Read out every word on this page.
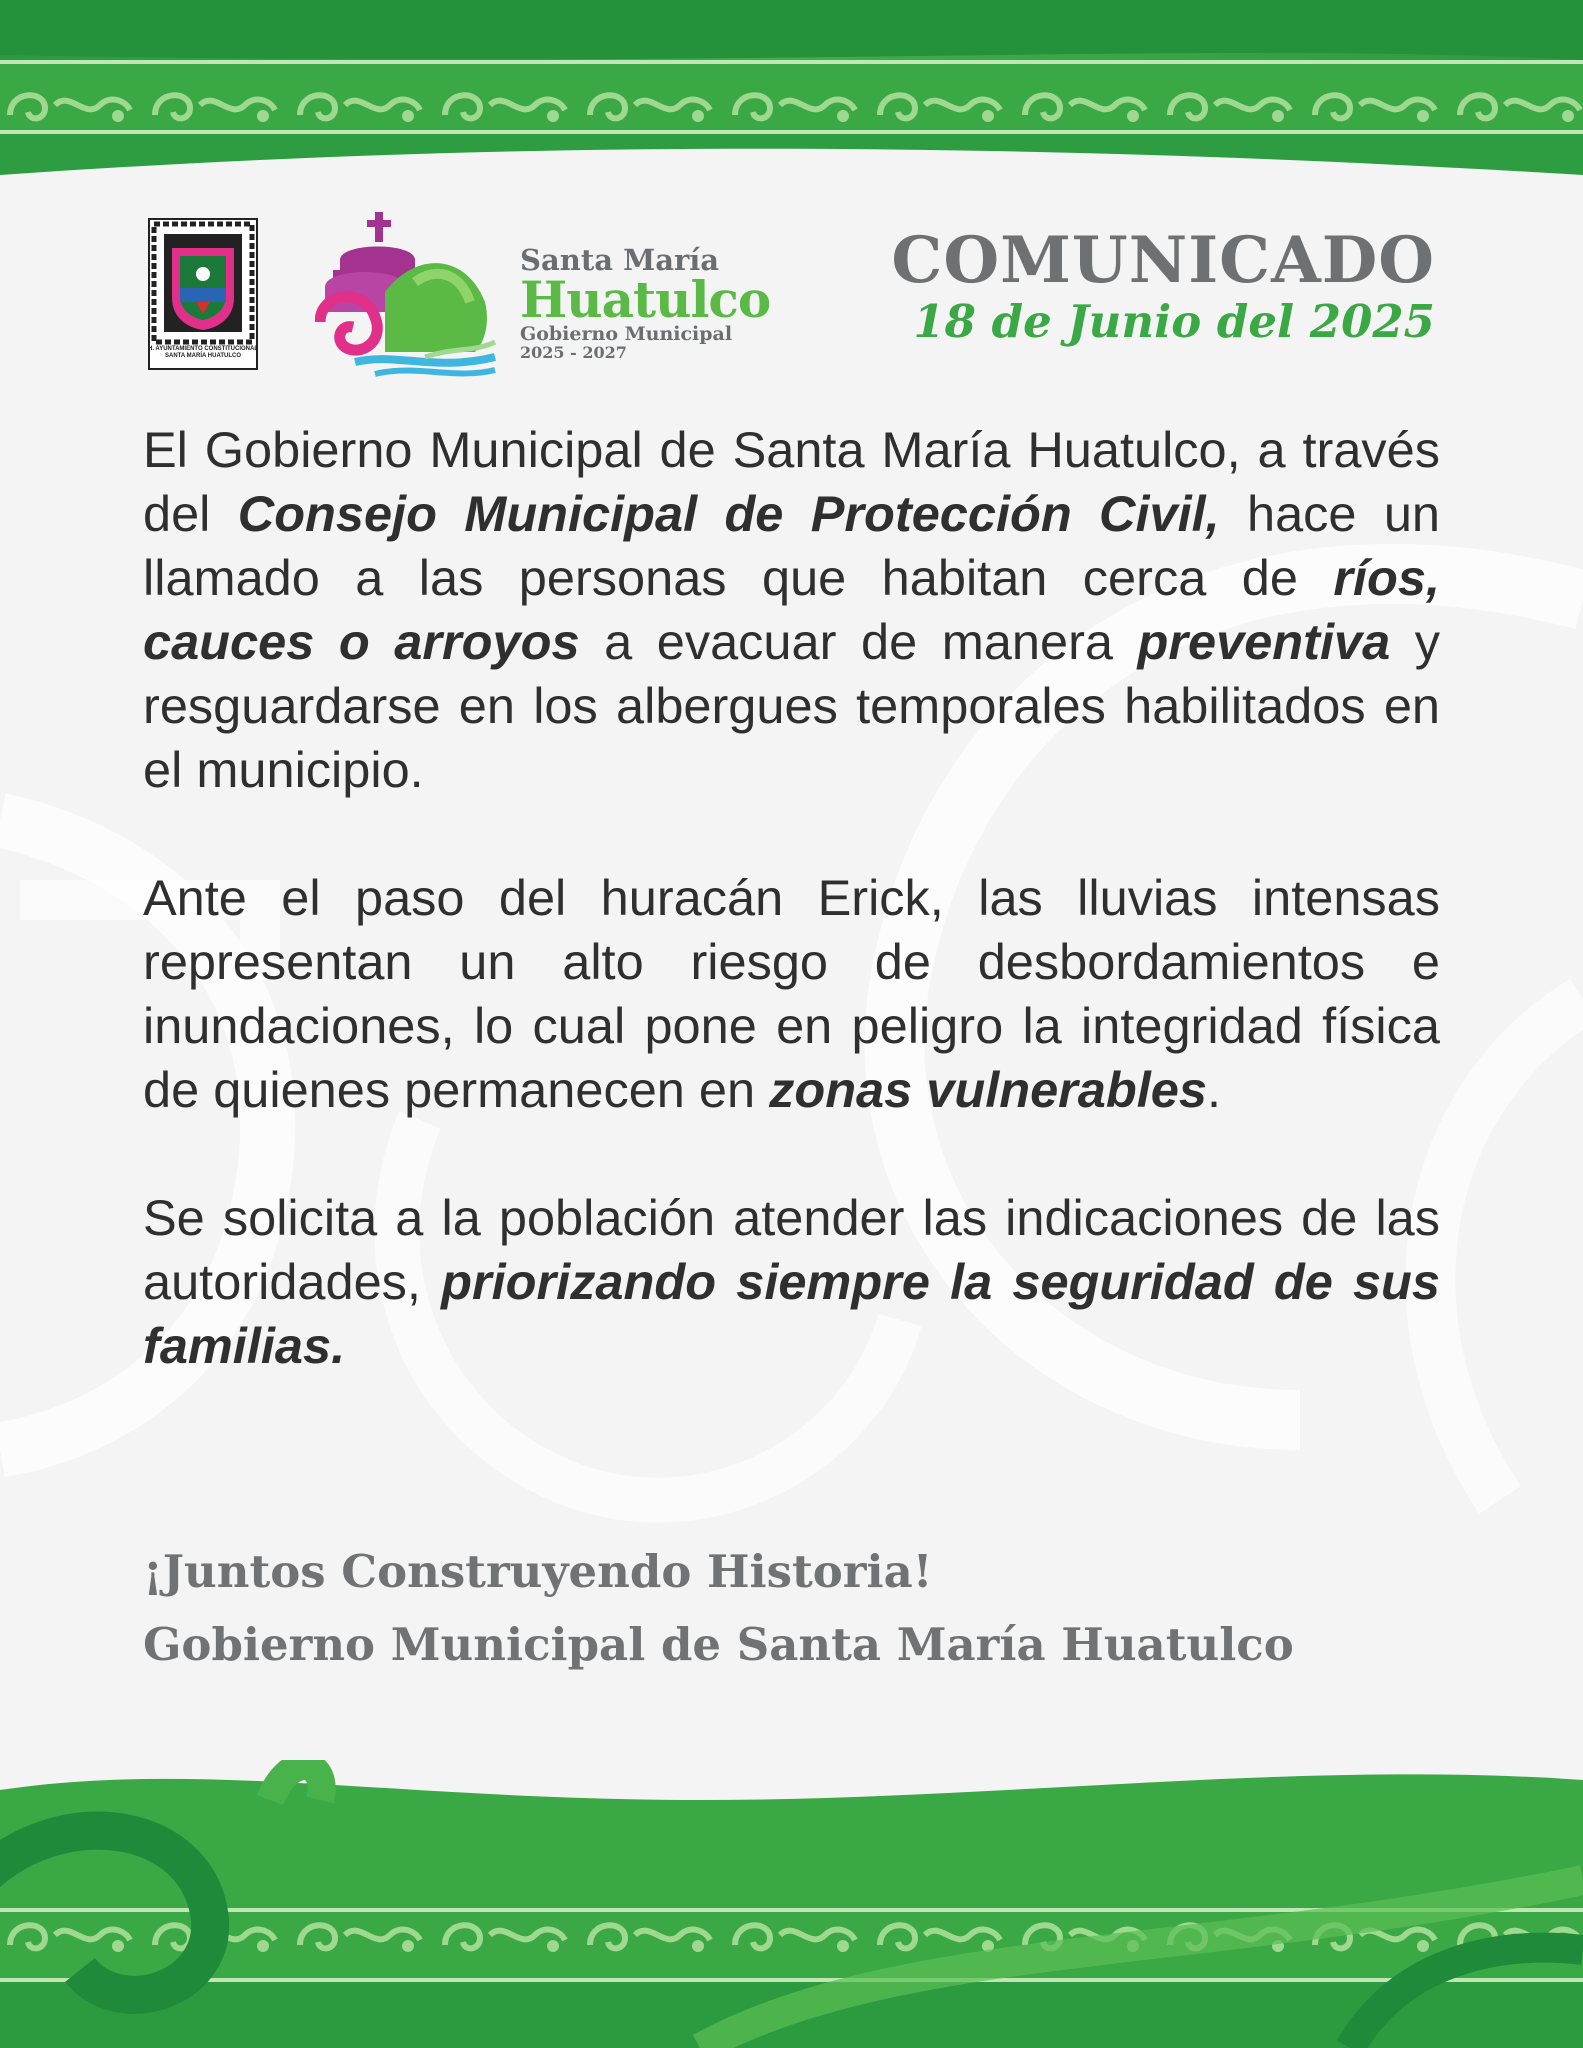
H. AYUNTAMIENTO CONSTITUCIONAL
SANTA MARÍA HUATULCO
Santa María
Huatulco
Gobierno Municipal
2025 - 2027
COMUNICADO
18 de Junio del 2025

El Gobierno Municipal de Santa María Huatulco, a través del Consejo Municipal de Protección Civil, hace un llamado a las personas que habitan cerca de ríos, cauces o arroyos a evacuar de manera preventiva y resguardarse en los albergues temporales habilitados en el municipio.

Ante el paso del huracán Erick, las lluvias intensas representan un alto riesgo de desbordamientos e inundaciones, lo cual pone en peligro la integridad física de quienes permanecen en zonas vulnerables.

Se solicita a la población atender las indicaciones de las autoridades, priorizando siempre la seguridad de sus familias.

¡Juntos Construyendo Historia!
Gobierno Municipal de Santa María Huatulco
